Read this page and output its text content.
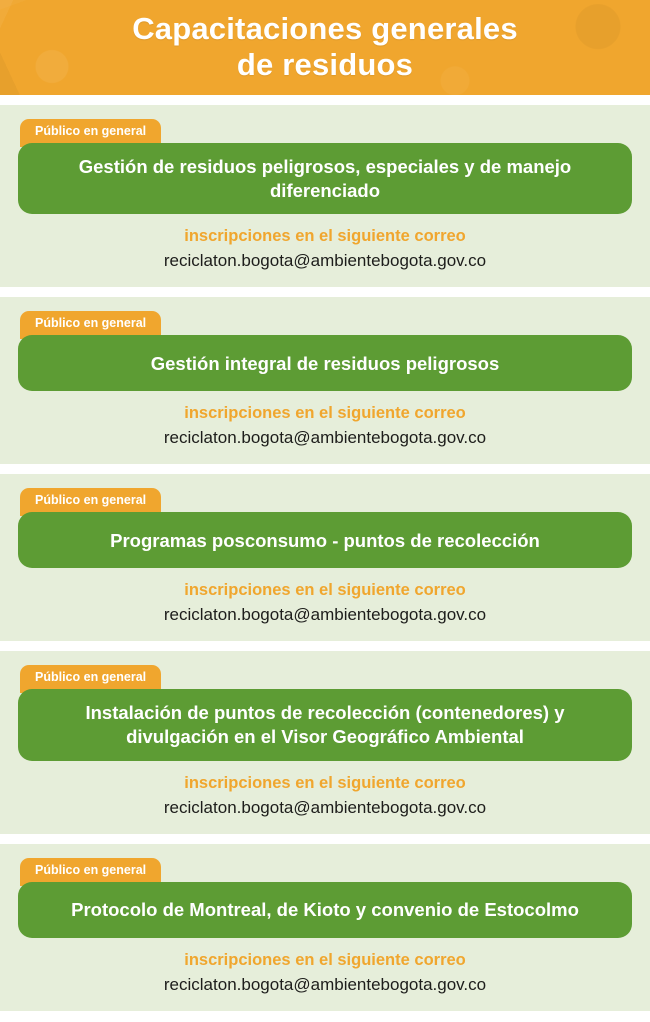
Capacitaciones generales
de residuos
Público en general
Gestión de residuos peligrosos, especiales y de manejo diferenciado
inscripciones en el siguiente correo
reciclaton.bogota@ambientebogota.gov.co
Público en general
Gestión integral de residuos peligrosos
inscripciones en el siguiente correo
reciclaton.bogota@ambientebogota.gov.co
Público en general
Programas posconsumo - puntos de recolección
inscripciones en el siguiente correo
reciclaton.bogota@ambientebogota.gov.co
Público en general
Instalación de puntos de recolección (contenedores) y divulgación en el Visor Geográfico Ambiental
inscripciones en el siguiente correo
reciclaton.bogota@ambientebogota.gov.co
Público en general
Protocolo de Montreal, de Kioto y convenio de Estocolmo
inscripciones en el siguiente correo
reciclaton.bogota@ambientebogota.gov.co
